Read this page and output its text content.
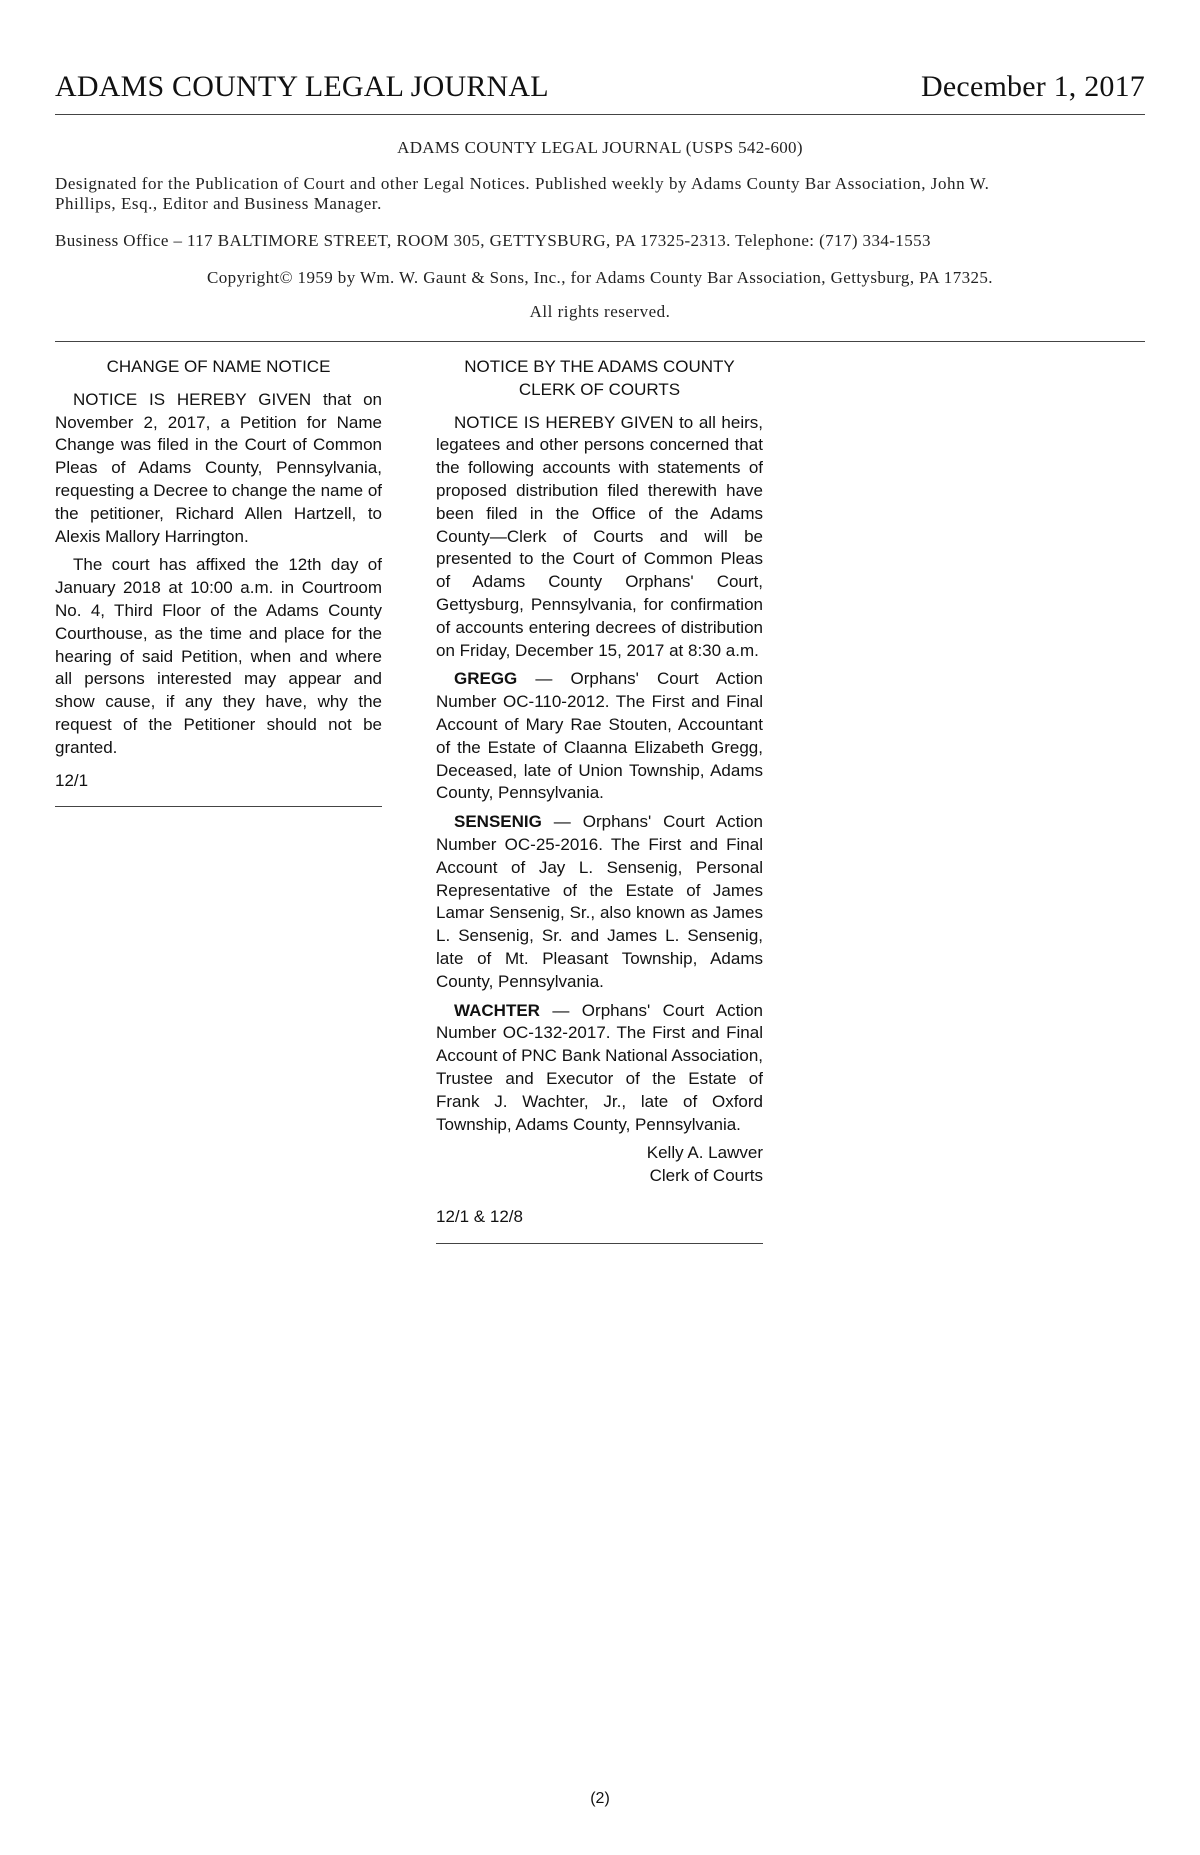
ADAMS COUNTY LEGAL JOURNAL	December 1, 2017

ADAMS COUNTY LEGAL JOURNAL (USPS 542-600)

Designated for the Publication of Court and other Legal Notices. Published weekly by Adams County Bar Association, John W. Phillips, Esq., Editor and Business Manager.

Business Office – 117 BALTIMORE STREET, ROOM 305, GETTYSBURG, PA 17325-2313. Telephone: (717) 334-1553

Copyright© 1959 by Wm. W. Gaunt & Sons, Inc., for Adams County Bar Association, Gettysburg, PA 17325.

All rights reserved.

CHANGE OF NAME NOTICE

NOTICE IS HEREBY GIVEN that on November 2, 2017, a Petition for Name Change was filed in the Court of Common Pleas of Adams County, Pennsylvania, requesting a Decree to change the name of the petitioner, Richard Allen Hartzell, to Alexis Mallory Harrington.

The court has affixed the 12th day of January 2018 at 10:00 a.m. in Courtroom No. 4, Third Floor of the Adams County Courthouse, as the time and place for the hearing of said Petition, when and where all persons interested may appear and show cause, if any they have, why the request of the Petitioner should not be granted.

12/1

NOTICE BY THE ADAMS COUNTY
CLERK OF COURTS

NOTICE IS HEREBY GIVEN to all heirs, legatees and other persons concerned that the following accounts with statements of proposed distribution filed therewith have been filed in the Office of the Adams County—Clerk of Courts and will be presented to the Court of Common Pleas of Adams County Orphans' Court, Gettysburg, Pennsylvania, for confirmation of accounts entering decrees of distribution on Friday, December 15, 2017 at 8:30 a.m.

GREGG — Orphans' Court Action Number OC-110-2012. The First and Final Account of Mary Rae Stouten, Accountant of the Estate of Claanna Elizabeth Gregg, Deceased, late of Union Township, Adams County, Pennsylvania.

SENSENIG — Orphans' Court Action Number OC-25-2016. The First and Final Account of Jay L. Sensenig, Personal Representative of the Estate of James Lamar Sensenig, Sr., also known as James L. Sensenig, Sr. and James L. Sensenig, late of Mt. Pleasant Township, Adams County, Pennsylvania.

WACHTER — Orphans' Court Action Number OC-132-2017. The First and Final Account of PNC Bank National Association, Trustee and Executor of the Estate of Frank J. Wachter, Jr., late of Oxford Township, Adams County, Pennsylvania.

Kelly A. Lawver

Clerk of Courts

12/1 & 12/8

(2)
